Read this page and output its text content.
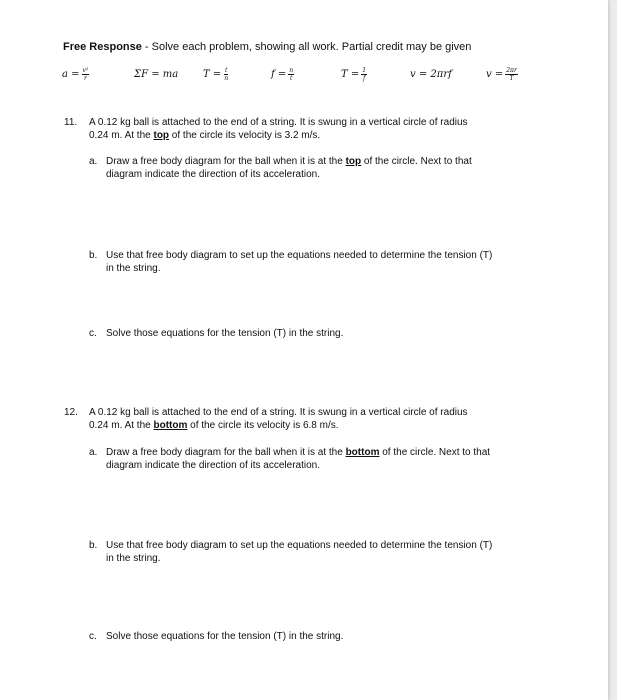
Free Response - Solve each problem, showing all work. Partial credit may be given
$a = \frac{\text{v²}}{r}$	ΣF = ma $T = \frac{t}{n}$	$f = \frac{n}{t}$	$T = \frac{1}{f}$	v = 2πrf	$v = \frac{2\pi r}{T}$
11. A 0.12 kg ball is attached to the end of a string. It is swung in a vertical circle of radius
0.24 m. At the top of the circle its velocity is 3.2 m/s.
a. Draw a free body diagram for the ball when it is at the top of the circle. Next to that
diagram indicate the direction of its acceleration.
b. Use that free body diagram to set up the equations needed to determine the tension (T)
in the string.
c. Solve those equations for the tension (T) in the string.
12. A 0.12 kg ball is attached to the end of a string. It is swung in a vertical circle of radius
0.24 m. At the bottom of the circle its velocity is 6.8 m/s.
a. Draw a free body diagram for the ball when it is at the bottom of the circle. Next to that
diagram indicate the direction of its acceleration.
b. Use that free body diagram to set up the equations needed to determine the tension (T)
in the string.
c. Solve those equations for the tension (T) in the string.
